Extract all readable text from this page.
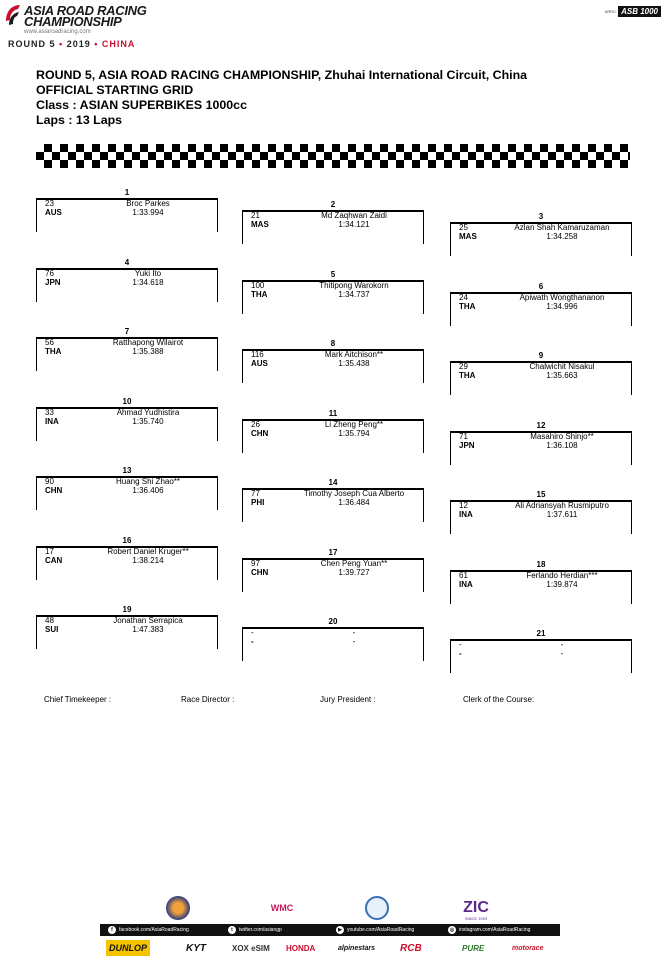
ASIA ROAD RACING
CHAMPIONSHIP
www.asiaroadracing.com
ROUND 5 • 2019 • CHINA
ARRC ASB 1000
ROUND 5, ASIA ROAD RACING CHAMPIONSHIP, Zhuhai International Circuit, China
OFFICIAL STARTING GRID
Class : ASIAN SUPERBIKES 1000cc
Laps : 13 Laps
1
23	Broc Parkes
AUS	1:33.994
2
21	Md Zaqhwan Zaidi
MAS	1:34.121
3
25	Azlan Shah Kamaruzaman
MAS	1:34.258
4
76	Yuki Ito
JPN	1:34.618
5
100	Thitipong Warokorn
THA	1:34.737
6
24	Apiwath Wongthananon
THA	1:34.996
7
56	Ratthapong Wilairot
THA	1:35.388
8
116	Mark Aitchison**
AUS	1:35.438
9
29	Chalwichit Nisakul
THA	1:35.663
10
33	Ahmad Yudhistira
INA	1:35.740
11
26	Li Zheng Peng**
CHN	1:35.794
12
71	Masahiro Shinjo**
JPN	1:36.108
13
90	Huang Shi Zhao**
CHN	1:36.406
14
77	Timothy Joseph Cua Alberto
PHI	1:36.484
15
12	Ali Adriansyah Rusmiputro
INA	1:37.611
16
17	Robert Daniel Kruger**
CAN	1:38.214
17
97	Chen Peng Yuan**
CHN	1:39.727
18
61	Ferlando Herdian***
INA	1:39.874
19
48	Jonathan Serrapica
SUI	1:47.383
20
-	-
-	-
21
-	-
-	-
Chief Timekeeper :	Race Director :	Jury President :	Clerk of the Course:
WMC	ZIC
SINCE 1993
f	facebook.com/AsiaRoadRacing	t	twitter.com/asiangp	▶	youtube.com/AsiaRoadRacing	◎ instagram.com/AsiaRoadRacing
DUNLOP	KYT	XOX eSIM HONDA	alpinestars	RCB	PURE	motorace
